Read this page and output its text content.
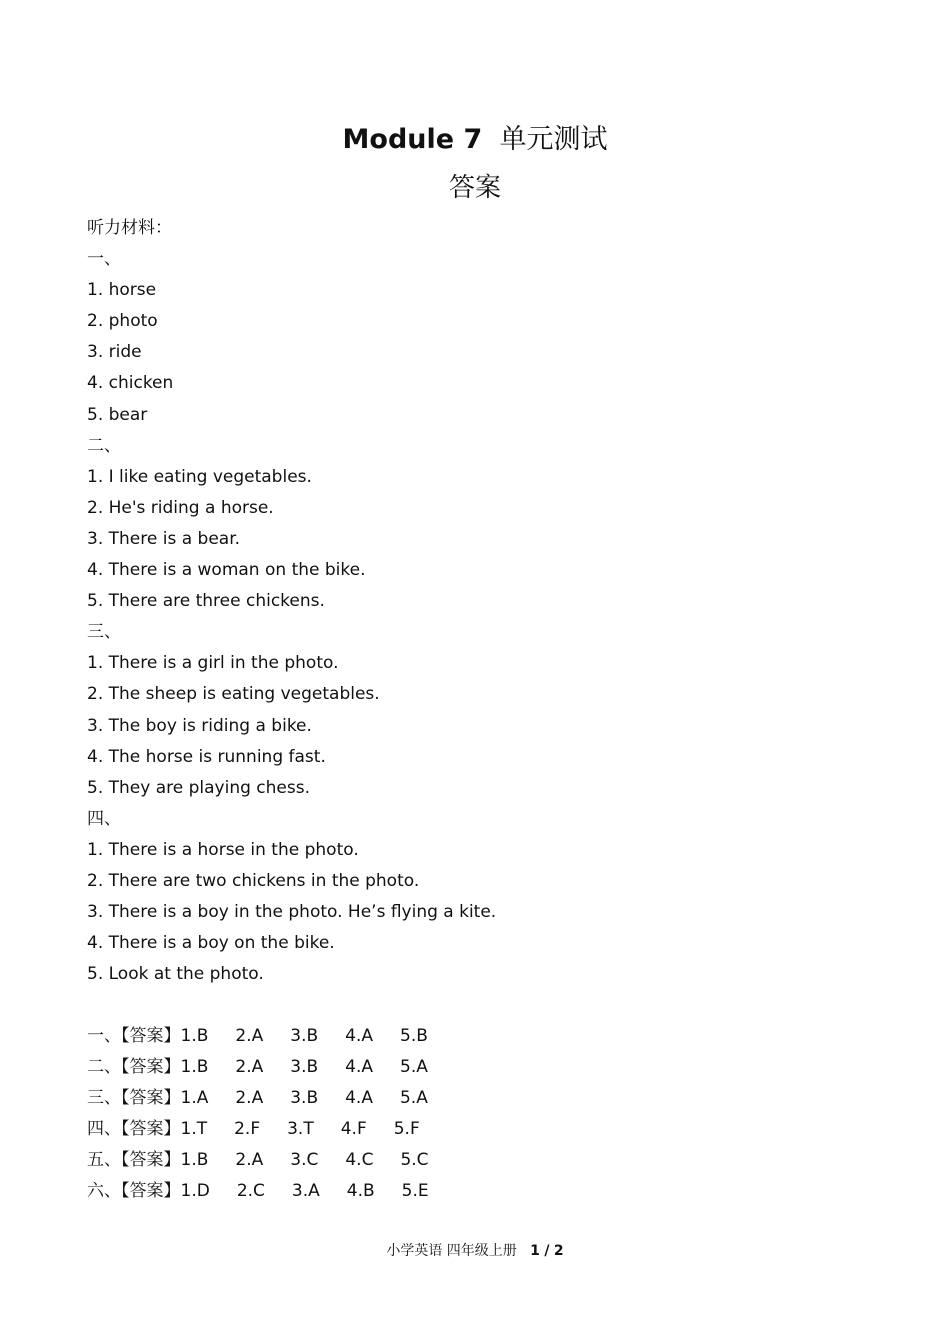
Module 7 单元测试
答案
听力材料：
一、
1. horse
2. photo
3. ride
4. chicken
5. bear
二、
1. I like eating vegetables.
2. He's riding a horse.
3. There is a bear.
4. There is a woman on the bike.
5. There are three chickens.
三、
1. There is a girl in the photo.
2. The sheep is eating vegetables.
3. The boy is riding a bike.
4. The horse is running fast.
5. They are playing chess.
四、
1. There is a horse in the photo.
2. There are two chickens in the photo.
3. There is a boy in the photo. He’s flying a kite.
4. There is a boy on the bike.
5. Look at the photo.
一、【答案】1.B 2.A 3.B 4.A 5.B
二、【答案】1.B 2.A 3.B 4.A 5.A
三、【答案】1.A 2.A 3.B 4.A 5.A
四、【答案】1.T 2.F 3.T 4.F 5.F
五、【答案】1.B 2.A 3.C 4.C 5.C
六、【答案】1.D 2.C 3.A 4.B 5.E
小学英语 四年级上册 1 / 2
